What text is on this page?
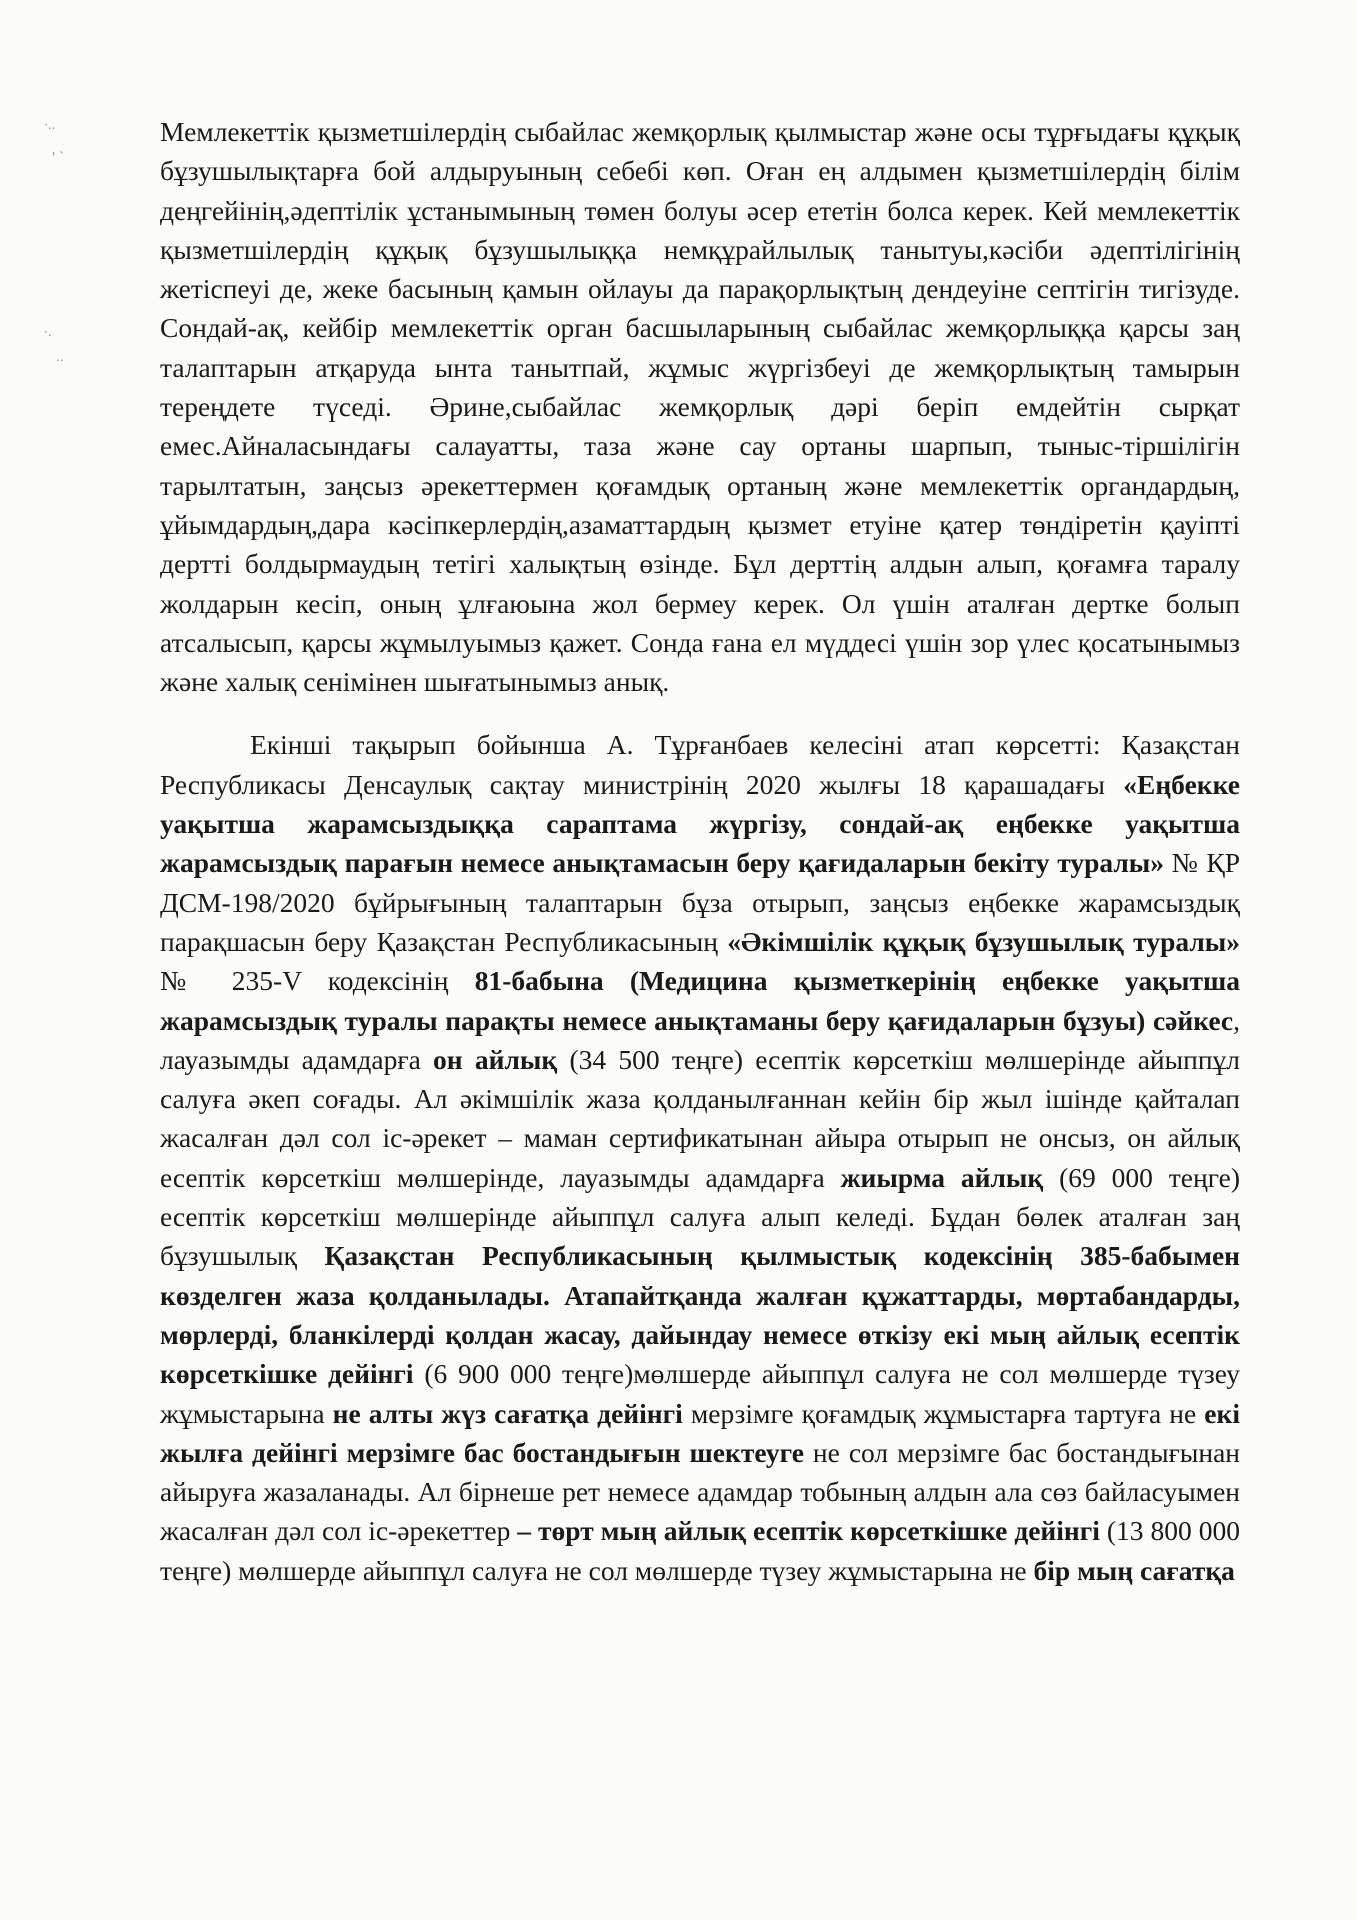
·..
' `
·.
..

Мемлекеттік қызметшілердің сыбайлас жемқорлық қылмыстар және осы тұрғыдағы құқық бұзушылықтарға бой алдыруының себебі көп. Оған ең алдымен қызметшілердің білім деңгейінің,әдептілік ұстанымының төмен болуы әсер ететін болса керек. Кей мемлекеттік қызметшілердің құқық бұзушылыққа немқұрайлылық танытуы,кәсіби әдептілігінің жетіспеуі де, жеке басының қамын ойлауы да парақорлықтың дендеуіне септігін тигізуде. Сондай-ақ, кейбір мемлекеттік орган басшыларының сыбайлас жемқорлыққа қарсы заң талаптарын атқаруда ынта танытпай, жұмыс жүргізбеуі де жемқорлықтың тамырын тереңдете түседі. Әрине,сыбайлас жемқорлық дәрі беріп емдейтін сырқат емес.Айналасындағы салауатты, таза және сау ортаны шарпып, тыныс-тіршілігін тарылтатын, заңсыз әрекеттермен қоғамдық ортаның және мемлекеттік органдардың, ұйымдардың,дара кәсіпкерлердің,азаматтардың қызмет етуіне қатер төндіретін қауіпті дертті болдырмаудың тетігі халықтың өзінде. Бұл дерттің алдын алып, қоғамға таралу жолдарын кесіп, оның ұлғаюына жол бермеу керек. Ол үшін аталған дертке болып атсалысып, қарсы жұмылуымыз қажет. Сонда ғана ел мүддесі үшін зор үлес қосатынымыз және халық сенімінен шығатынымыз анық.

Екінші тақырып бойынша А. Тұрғанбаев келесіні атап көрсетті: Қазақстан Республикасы Денсаулық сақтау министрінің 2020 жылғы 18 қарашадағы «Еңбекке уақытша жарамсыздыққа сараптама жүргізу, сондай-ақ еңбекке уақытша жарамсыздық парағын немесе анықтамасын беру қағидаларын бекіту туралы» № ҚР ДСМ-198/2020 бұйрығының талаптарын бұза отырып, заңсыз еңбекке жарамсыздық парақшасын беру Қазақстан Республикасының «Әкімшілік құқық бұзушылық туралы» № 235-V кодексінің 81-бабына (Медицина қызметкерінің еңбекке уақытша жарамсыздық туралы парақты немесе анықтаманы беру қағидаларын бұзуы) сәйкес, лауазымды адамдарға он айлық (34 500 теңге) есептік көрсеткіш мөлшерінде айыппұл салуға әкеп соғады. Ал әкімшілік жаза қолданылғаннан кейін бір жыл ішінде қайталап жасалған дәл сол іс-әрекет – маман сертификатынан айыра отырып не онсыз, он айлық есептік көрсеткіш мөлшерінде, лауазымды адамдарға жиырма айлық (69 000 теңге) есептік көрсеткіш мөлшерінде айыппұл салуға алып келеді. Бұдан бөлек аталған заң бұзушылық Қазақстан Республикасының қылмыстық кодексінің 385-бабымен көзделген жаза қолданылады. Атапайтқанда жалған құжаттарды, мөртабандарды, мөрлерді, бланкілерді қолдан жасау, дайындау немесе өткізу екі мың айлық есептік көрсеткішке дейінгі (6 900 000 теңге)мөлшерде айыппұл салуға не сол мөлшерде түзеу жұмыстарына не алты жүз сағатқа дейінгі мерзімге қоғамдық жұмыстарға тартуға не екі жылға дейінгі мерзімге бас бостандығын шектеуге не сол мерзімге бас бостандығынан айыруға жазаланады. Ал бірнеше рет немесе адамдар тобының алдын ала сөз байласуымен жасалған дәл сол іс-әрекеттер – төрт мың айлық есептік көрсеткішке дейінгі (13 800 000 теңге) мөлшерде айыппұл салуға не сол мөлшерде түзеу жұмыстарына не бір мың сағатқа
